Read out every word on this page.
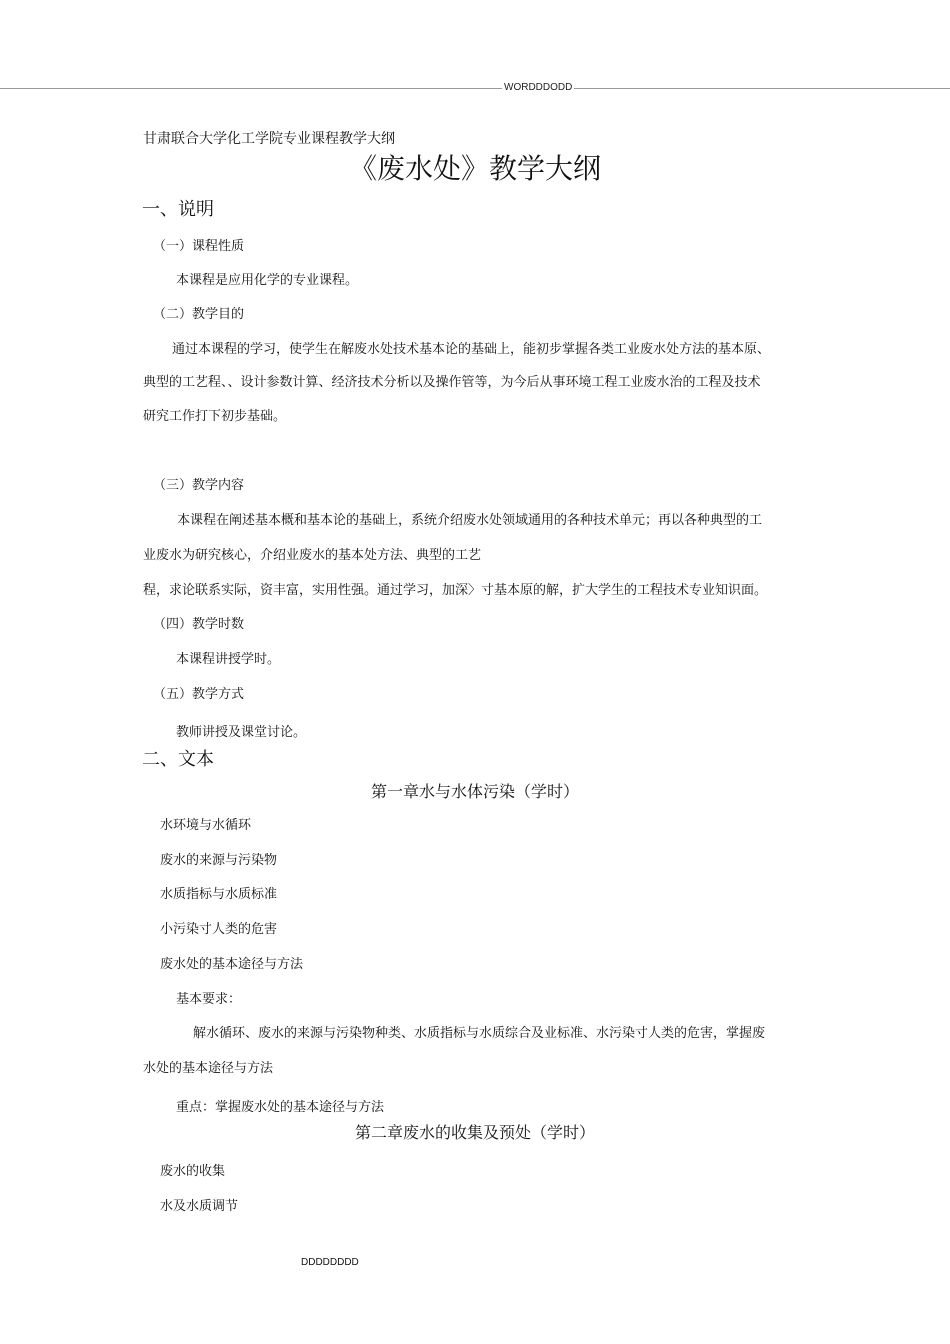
WORDDDODD
甘肃联合大学化工学院专业课程教学大纲
《废水处》教学大纲
一、说明
（一）课程性质
本课程是应用化学的专业课程。
（二）教学目的
通过本课程的学习，使学生在解废水处技术基本论的基础上，能初步掌握各类工业废水处方法的基本原、
典型的工艺程、、设计参数计算、经济技术分析以及操作管等，为今后从事环境工程工业废水治的工程及技术
研究工作打下初步基础。
（三）教学内容
本课程在阐述基本概和基本论的基础上，系统介绍废水处领域通用的各种技术单元；再以各种典型的工
业废水为研究核心，介绍业废水的基本处方法、典型的工艺
程，求论联系实际，资丰富，实用性强。通过学习，加深〉寸基本原的解，扩大学生的工程技术专业知识面。
（四）教学时数
本课程讲授学时。
（五）教学方式
教师讲授及课堂讨论。
二、文本
第一章水与水体污染（学时）
水环境与水循环
废水的来源与污染物
水质指标与水质标准
小污染寸人类的危害
废水处的基本途径与方法
基本要求：
解水循环、废水的来源与污染物种类、水质指标与水质综合及业标准、水污染寸人类的危害，掌握废
水处的基本途径与方法
重点：掌握废水处的基本途径与方法
第二章废水的收集及预处（学时）
废水的收集
水及水质调节
DDDDDDDD
